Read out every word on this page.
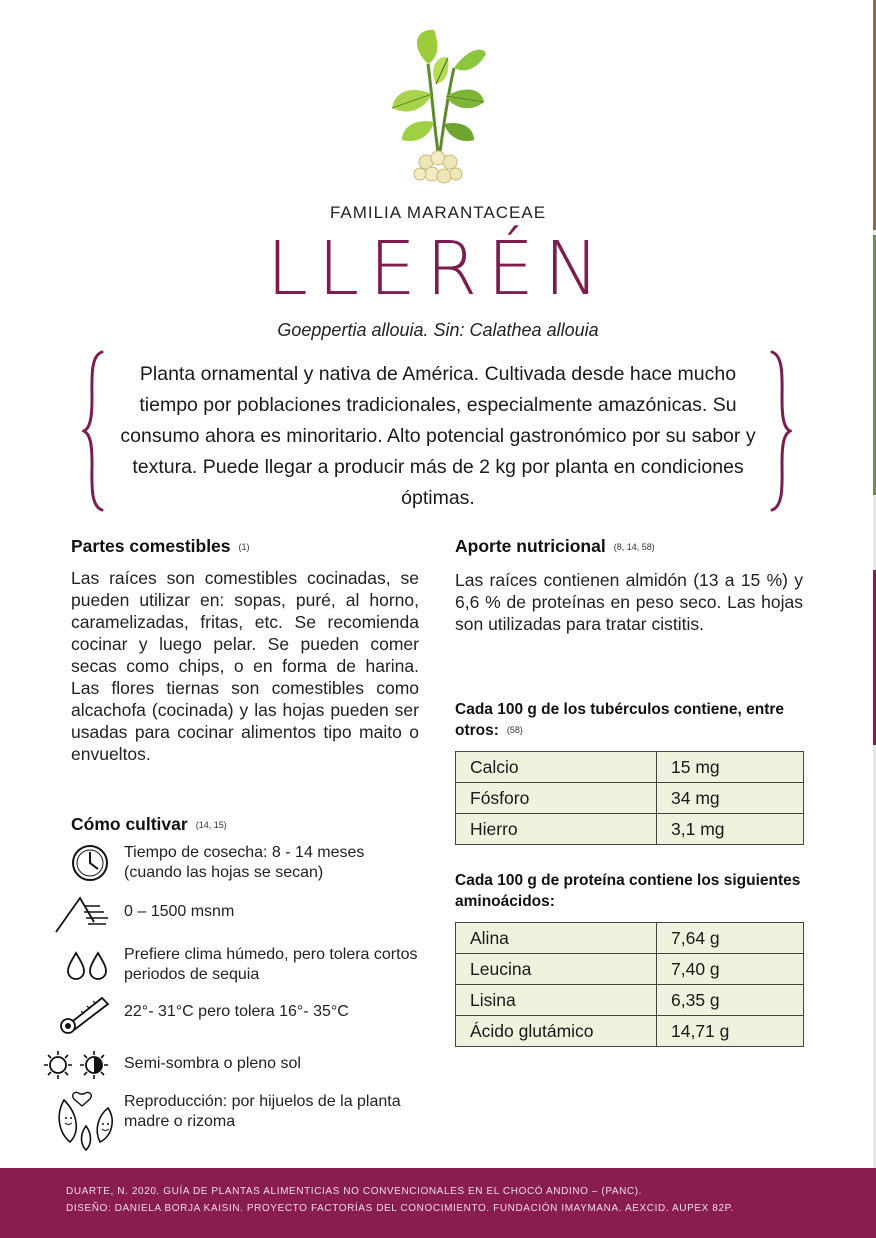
FAMILIA MARANTACEAE
LLERÉN
Goeppertia allouia. Sin: Calathea allouia
Planta ornamental y nativa de América. Cultivada desde hace mucho tiempo por poblaciones tradicionales, especialmente amazónicas. Su consumo ahora es minoritario. Alto potencial gastronómico por su sabor y textura. Puede llegar a producir más de 2 kg por planta en condiciones óptimas.
Partes comestibles (1)
Las raíces son comestibles cocinadas, se pueden utilizar en: sopas, puré, al horno, caramelizadas, fritas, etc. Se recomienda cocinar y luego pelar. Se pueden comer secas como chips, o en forma de harina. Las flores tiernas son comestibles como alcachofa (cocinada) y las hojas pueden ser usadas para cocinar alimentos tipo maito o envueltos.
Cómo cultivar (14, 15)
Tiempo de cosecha: 8 - 14 meses (cuando las hojas se secan)
0 – 1500 msnm
Prefiere clima húmedo, pero tolera cortos periodos de sequia
22°- 31°C pero tolera 16°- 35°C
Semi-sombra o pleno sol
Reproducción: por hijuelos de la planta madre o rizoma
Aporte nutricional (8, 14, 58)
Las raíces contienen almidón (13 a 15 %) y 6,6 % de proteínas en peso seco. Las hojas son utilizadas para tratar cistitis.
Cada 100 g de los tubérculos contiene, entre otros: (58)
Calcio	15 mg
Fósforo	34 mg
Hierro	3,1 mg
Cada 100 g de proteína contiene los siguientes aminoácidos:
Alina	7,64 g
Leucina	7,40 g
Lisina	6,35 g
Ácido glutámico	14,71 g
DUARTE, N. 2020. GUÍA DE PLANTAS ALIMENTICIAS NO CONVENCIONALES EN EL CHOCÓ ANDINO – (PANC).
DISEÑO: DANIELA BORJA KAISIN. PROYECTO FACTORÍAS DEL CONOCIMIENTO. FUNDACIÓN IMAYMANA. AEXCID. AUPEX 82P.
